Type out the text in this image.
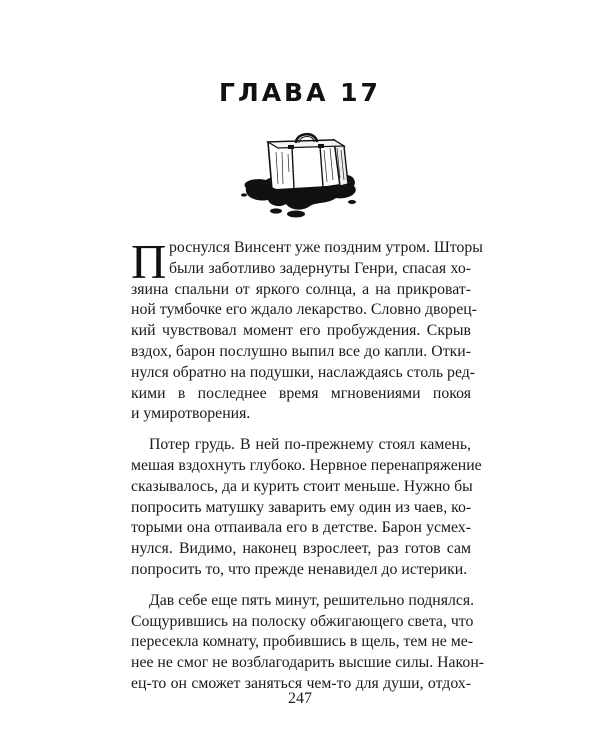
ГЛАВА 17
П роснулся Винсент уже поздним утром. Шторы
были заботливо задернуты Генри, спасая хо-
зяина спальни от яркого солнца, а на прикроват-
ной тумбочке его ждало лекарство. Словно дворец-
кий чувствовал момент его пробуждения. Скрыв
вздох, барон послушно выпил все до капли. Отки-
нулся обратно на подушки, наслаждаясь столь ред-
кими в последнее время мгновениями покоя
и умиротворения.
Потер грудь. В ней по-прежнему стоял камень,
мешая вздохнуть глубоко. Нервное перенапряжение
сказывалось, да и курить стоит меньше. Нужно бы
попросить матушку заварить ему один из чаев, ко-
торыми она отпаивала его в детстве. Барон усмех-
нулся. Видимо, наконец взрослеет, раз готов сам
попросить то, что прежде ненавидел до истерики.
Дав себе еще пять минут, решительно поднялся.
Сощурившись на полоску обжигающего света, что
пересекла комнату, пробившись в щель, тем не ме-
нее не смог не возблагодарить высшие силы. Након-
ец-то он сможет заняться чем-то для души, отдох-
247
